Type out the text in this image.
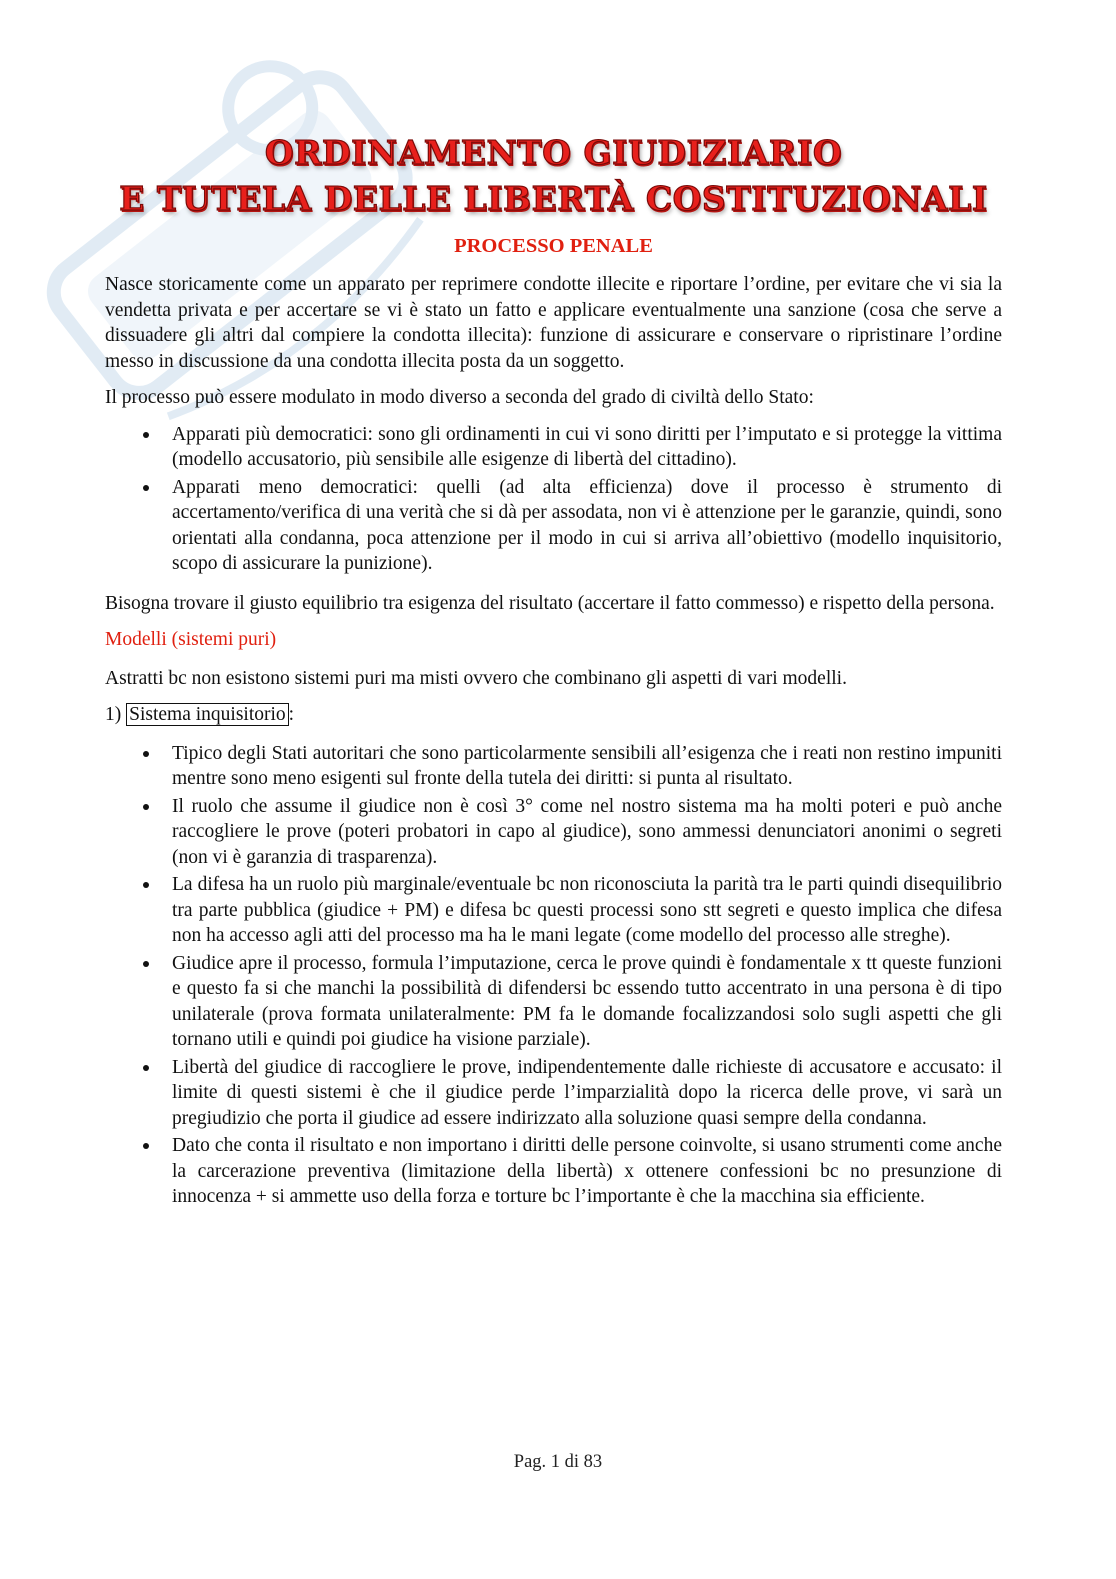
ORDINAMENTO GIUDIZIARIO
E TUTELA DELLE LIBERTÀ COSTITUZIONALI
PROCESSO PENALE

Nasce storicamente come un apparato per reprimere condotte illecite e riportare l’ordine, per evitare che vi sia la vendetta privata e per accertare se vi è stato un fatto e applicare eventualmente una sanzione (cosa che serve a dissuadere gli altri dal compiere la condotta illecita): funzione di assicurare e conservare o ripristinare l’ordine messo in discussione da una condotta illecita posta da un soggetto.

Il processo può essere modulato in modo diverso a seconda del grado di civiltà dello Stato:

Apparati più democratici: sono gli ordinamenti in cui vi sono diritti per l’imputato e si protegge la vittima (modello accusatorio, più sensibile alle esigenze di libertà del cittadino).
Apparati meno democratici: quelli (ad alta efficienza) dove il processo è strumento di accertamento/verifica di una verità che si dà per assodata, non vi è attenzione per le garanzie, quindi, sono orientati alla condanna, poca attenzione per il modo in cui si arriva all’obiettivo (modello inquisitorio, scopo di assicurare la punizione).

Bisogna trovare il giusto equilibrio tra esigenza del risultato (accertare il fatto commesso) e rispetto della persona.

Modelli (sistemi puri)

Astratti bc non esistono sistemi puri ma misti ovvero che combinano gli aspetti di vari modelli.

1) Sistema inquisitorio :

Tipico degli Stati autoritari che sono particolarmente sensibili all’esigenza che i reati non restino impuniti mentre sono meno esigenti sul fronte della tutela dei diritti: si punta al risultato.
Il ruolo che assume il giudice non è così 3° come nel nostro sistema ma ha molti poteri e può anche raccogliere le prove (poteri probatori in capo al giudice), sono ammessi denunciatori anonimi o segreti (non vi è garanzia di trasparenza).
La difesa ha un ruolo più marginale/eventuale bc non riconosciuta la parità tra le parti quindi disequilibrio tra parte pubblica (giudice + PM) e difesa bc questi processi sono stt segreti e questo implica che difesa non ha accesso agli atti del processo ma ha le mani legate (come modello del processo alle streghe).
Giudice apre il processo, formula l’imputazione, cerca le prove quindi è fondamentale x tt queste funzioni e questo fa si che manchi la possibilità di difendersi bc essendo tutto accentrato in una persona è di tipo unilaterale (prova formata unilateralmente: PM fa le domande focalizzandosi solo sugli aspetti che gli tornano utili e quindi poi giudice ha visione parziale).
Libertà del giudice di raccogliere le prove, indipendentemente dalle richieste di accusatore e accusato: il limite di questi sistemi è che il giudice perde l’imparzialità dopo la ricerca delle prove, vi sarà un pregiudizio che porta il giudice ad essere indirizzato alla soluzione quasi sempre della condanna.
Dato che conta il risultato e non importano i diritti delle persone coinvolte, si usano strumenti come anche la carcerazione preventiva (limitazione della libertà) x ottenere confessioni bc no presunzione di innocenza + si ammette uso della forza e torture bc l’importante è che la macchina sia efficiente.
Pag. 1 di 83
